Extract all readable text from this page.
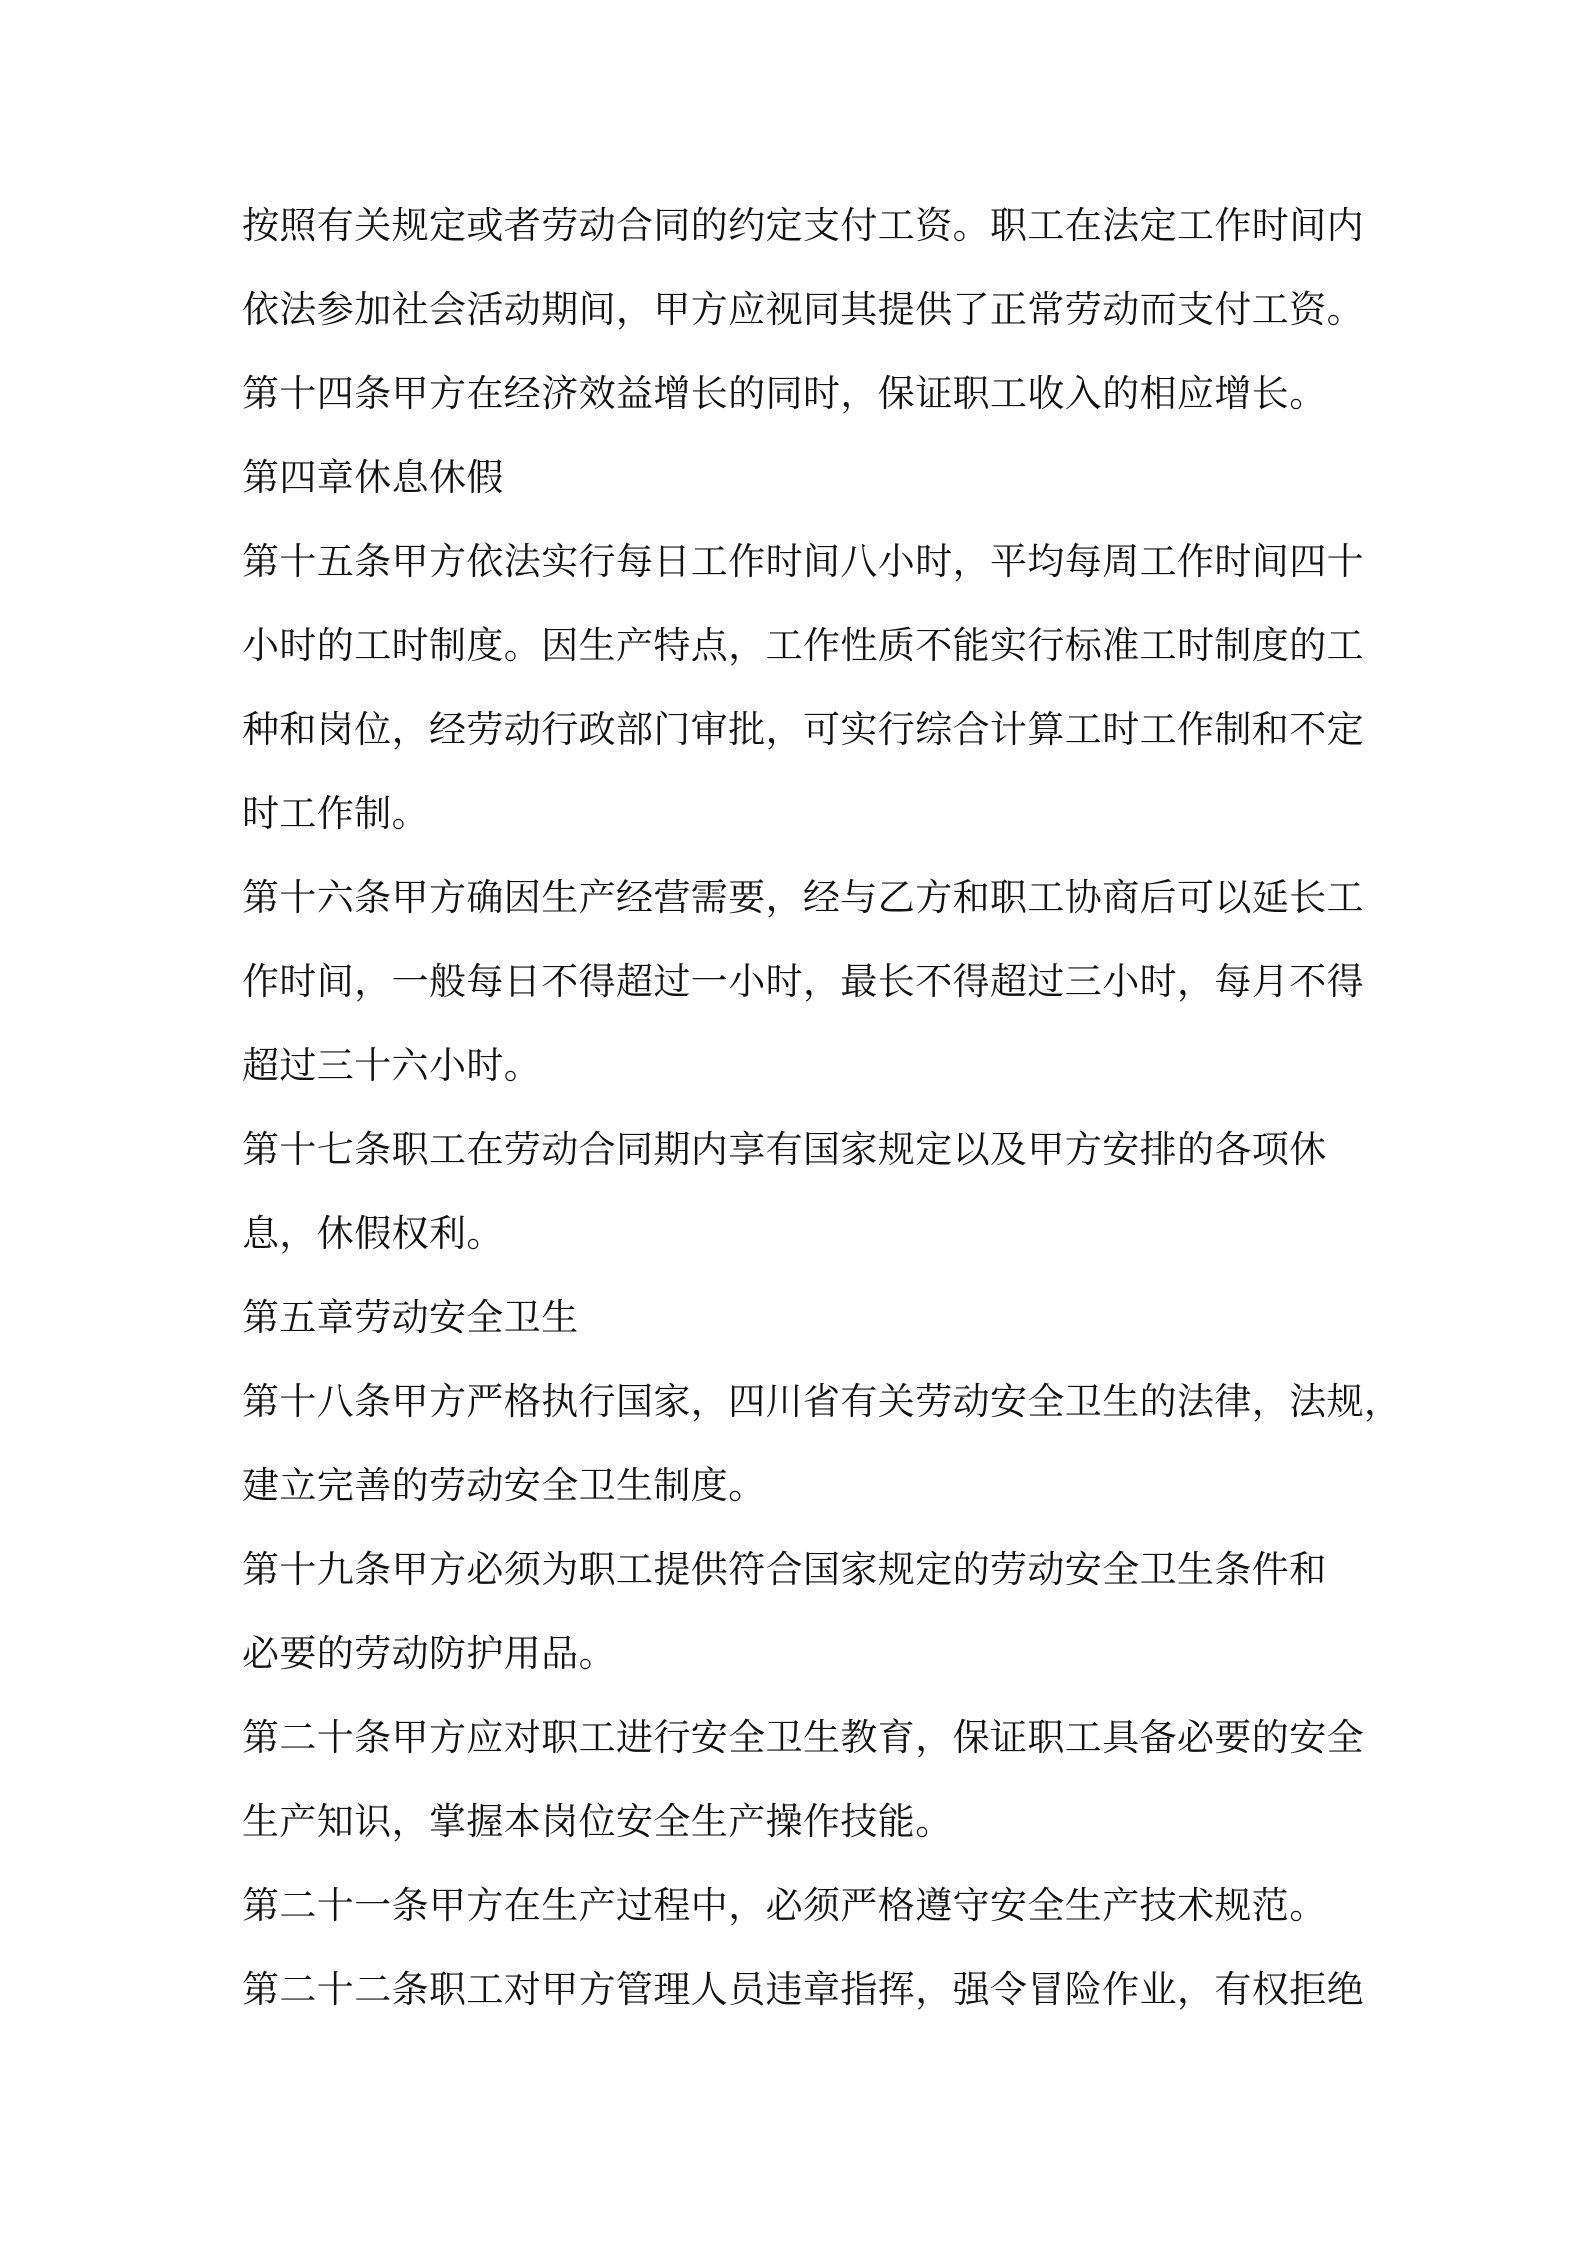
按照有关规定或者劳动合同的约定支付工资。职工在法定工作时间内
依法参加社会活动期间，甲方应视同其提供了正常劳动而支付工资。
第十四条甲方在经济效益增长的同时，保证职工收入的相应增长。
第四章休息休假
第十五条甲方依法实行每日工作时间八小时，平均每周工作时间四十
小时的工时制度。因生产特点，工作性质不能实行标准工时制度的工
种和岗位，经劳动行政部门审批，可实行综合计算工时工作制和不定
时工作制。
第十六条甲方确因生产经营需要，经与乙方和职工协商后可以延长工
作时间，一般每日不得超过一小时，最长不得超过三小时，每月不得
超过三十六小时。
第十七条职工在劳动合同期内享有国家规定以及甲方安排的各项休
息，休假权利。
第五章劳动安全卫生
第十八条甲方严格执行国家，四川省有关劳动安全卫生的法律，法规，
建立完善的劳动安全卫生制度。
第十九条甲方必须为职工提供符合国家规定的劳动安全卫生条件和
必要的劳动防护用品。
第二十条甲方应对职工进行安全卫生教育，保证职工具备必要的安全
生产知识，掌握本岗位安全生产操作技能。
第二十一条甲方在生产过程中，必须严格遵守安全生产技术规范。
第二十二条职工对甲方管理人员违章指挥，强令冒险作业，有权拒绝
